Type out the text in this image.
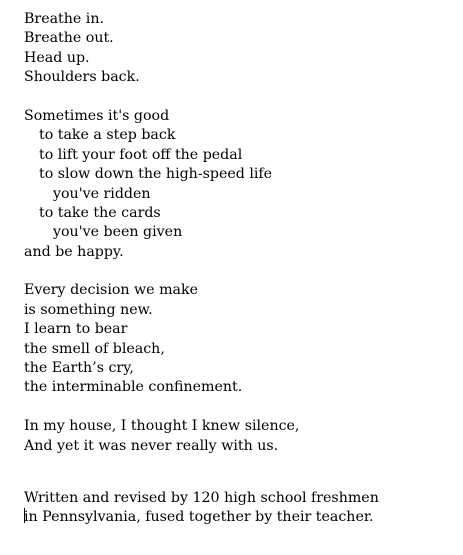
Breathe in.
Breathe out.
Head up.
Shoulders back.
Sometimes it's good
to take a step back
to lift your foot off the pedal
to slow down the high-speed life
you've ridden
to take the cards
you've been given
and be happy.
Every decision we make
is something new.
I learn to bear
the smell of bleach,
the Earth’s cry,
the interminable confinement.
In my house, I thought I knew silence,
And yet it was never really with us.
Written and revised by 120 high school freshmen
in Pennsylvania, fused together by their teacher.
